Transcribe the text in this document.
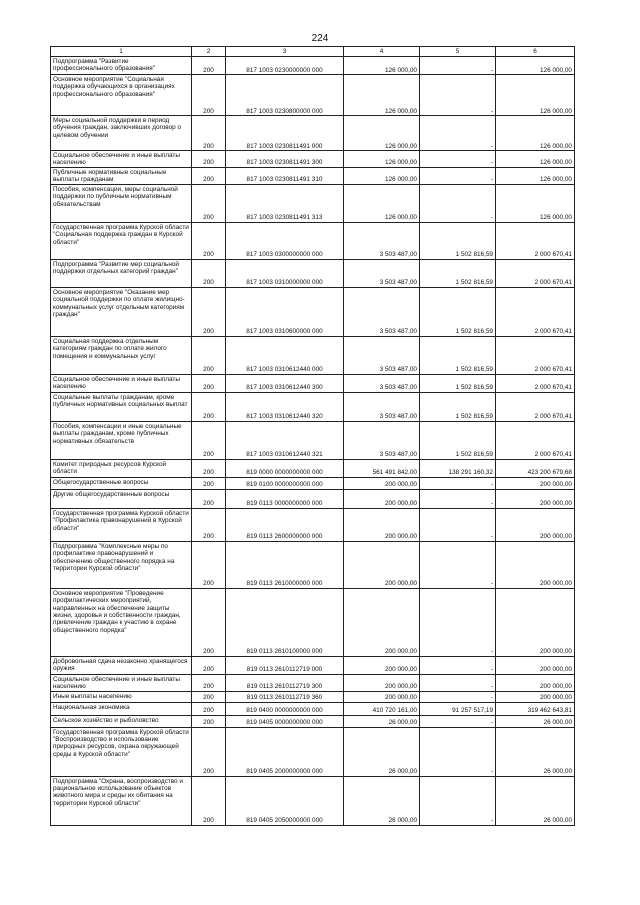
224
1	2	3	4	5	6
Подпрограмма "Развитие профессионального образования"	200	817 1003 0230000000 000	126 000,00	-	126 000,00
Основное мероприятие "Социальная поддержка обучающихся в организациях профессионального образования"	200	817 1003 0230800000 000	126 000,00	-	126 000,00
Меры социальной поддержки в период обучения граждан, заключивших договор о целевом обучении	200	817 1003 0230811491 000	126 000,00	-	126 000,00
Социальное обеспечение и иные выплаты населению	200	817 1003 0230811491 300	126 000,00	-	126 000,00
Публичные нормативные социальные выплаты гражданам	200	817 1003 0230811491 310	126 000,00	-	126 000,00
Пособия, компенсации, меры социальной поддержки по публичным нормативным обязательствам	200	817 1003 0230811491 313	126 000,00	-	126 000,00
Государственная программа Курской области "Социальная поддержка граждан в Курской области"	200	817 1003 0300000000 000	3 503 487,00	1 502 816,59	2 000 670,41
Подпрограмма "Развитие мер социальной поддержки отдельных категорий граждан"	200	817 1003 0310000000 000	3 503 487,00	1 502 816,59	2 000 670,41
Основное мероприятие "Оказание мер социальной поддержки по оплате жилищно-коммунальных услуг отдельным категориям граждан"	200	817 1003 0310600000 000	3 503 487,00	1 502 816,59	2 000 670,41
Социальная поддержка отдельным категориям граждан по оплате жилого помещения и коммунальных услуг	200	817 1003 0310612440 000	3 503 487,00	1 502 816,59	2 000 670,41
Социальное обеспечение и иные выплаты населению	200	817 1003 0310612440 300	3 503 487,00	1 502 816,59	2 000 670,41
Социальные выплаты гражданам, кроме публичных нормативных социальных выплат	200	817 1003 0310612440 320	3 503 487,00	1 502 816,59	2 000 670,41
Пособия, компенсации и иные социальные выплаты гражданам, кроме публичных нормативных обязательств	200	817 1003 0310612440 321	3 503 487,00	1 502 816,59	2 000 670,41
Комитет природных ресурсов Курской области	200	819 0000 0000000000 000	561 491 842,00	138 291 160,32	423 200 679,68
Общегосударственные вопросы	200	819 0100 0000000000 000	200 000,00	-	200 000,00
Другие общегосударственные вопросы	200	819 0113 0000000000 000	200 000,00	-	200 000,00
Государственная программа Курской области "Профилактика правонарушений в Курской области"	200	819 0113 2600000000 000	200 000,00	-	200 000,00
Подпрограмма "Комплексные меры по профилактике правонарушений и обеспечению общественного порядка на территории Курской области"	200	819 0113 2610000000 000	200 000,00	-	200 000,00
Основное мероприятие "Проведение профилактических мероприятий, направленных на обеспечение защиты жизни, здоровья и собственности граждан, привлечение граждан к участию в охране общественного порядка"	200	819 0113 2610100000 000	200 000,00	-	200 000,00
Добровольная сдача незаконно хранящегося оружия	200	819 0113 2610112719 000	200 000,00	-	200 000,00
Социальное обеспечение и иные выплаты населению	200	819 0113 2610112719 300	200 000,00	-	200 000,00
Иные выплаты населению	200	819 0113 2610112719 360	200 000,00	-	200 000,00
Национальная экономика	200	819 0400 0000000000 000	410 720 161,00	91 257 517,19	319 462 643,81
Сельское хозяйство и рыболовство	200	819 0405 0000000000 000	26 000,00	-	26 000,00
Государственная программа Курской области "Воспроизводство и использование природных ресурсов, охрана окружающей среды в Курской области"	200	819 0405 2000000000 000	26 000,00	-	26 000,00
Подпрограмма "Охрана, воспроизводство и рациональное использование объектов животного мира и среды их обитания на территории Курской области"	200	819 0405 2050000000 000	26 000,00	-	26 000,00
